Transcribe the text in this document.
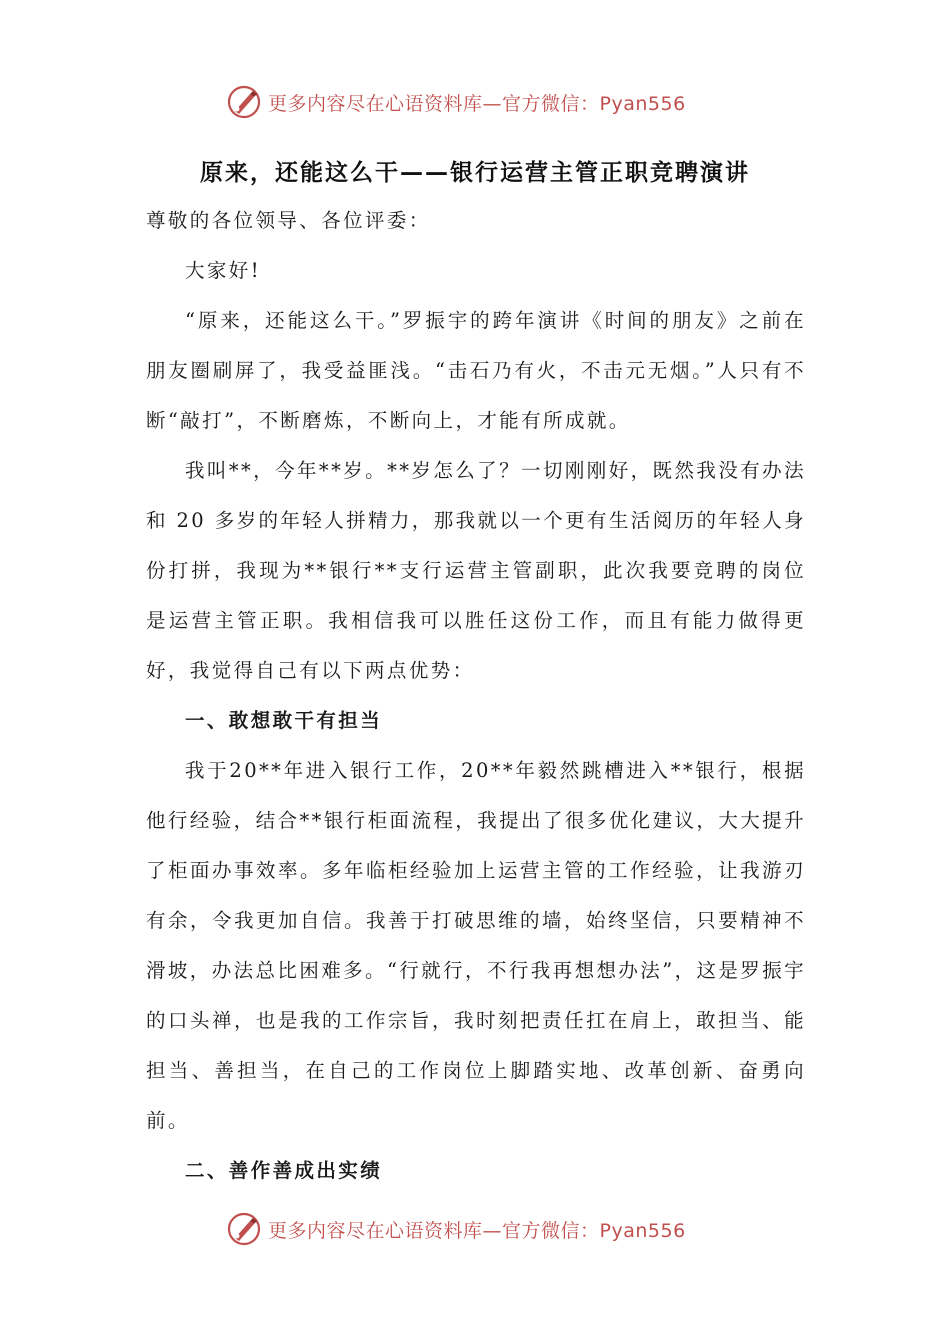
更多内容尽在心语资料库—官方微信：Pyan556
原来，还能这么干——银行运营主管正职竞聘演讲

尊敬的各位领导、各位评委：

大家好!

“原来，还能这么干。”罗振宇的跨年演讲《时间的朋友》之前在朋友圈刷屏了，我受益匪浅。“击石乃有火，不击元无烟。”人只有不断“敲打”，不断磨炼，不断向上，才能有所成就。

我叫**，今年**岁。**岁怎么了？一切刚刚好，既然我没有办法和 20 多岁的年轻人拼精力，那我就以一个更有生活阅历的年轻人身份打拼，我现为**银行**支行运营主管副职，此次我要竞聘的岗位是运营主管正职。我相信我可以胜任这份工作，而且有能力做得更好，我觉得自己有以下两点优势：

一、敢想敢干有担当

我于20**年进入银行工作，20**年毅然跳槽进入**银行，根据他行经验，结合**银行柜面流程，我提出了很多优化建议，大大提升了柜面办事效率。多年临柜经验加上运营主管的工作经验，让我游刃有余，令我更加自信。我善于打破思维的墙，始终坚信，只要精神不滑坡，办法总比困难多。“行就行，不行我再想想办法”，这是罗振宇的口头禅，也是我的工作宗旨，我时刻把责任扛在肩上，敢担当、能担当、善担当，在自己的工作岗位上脚踏实地、改革创新、奋勇向前。

二、善作善成出实绩

更多内容尽在心语资料库—官方微信：Pyan556
